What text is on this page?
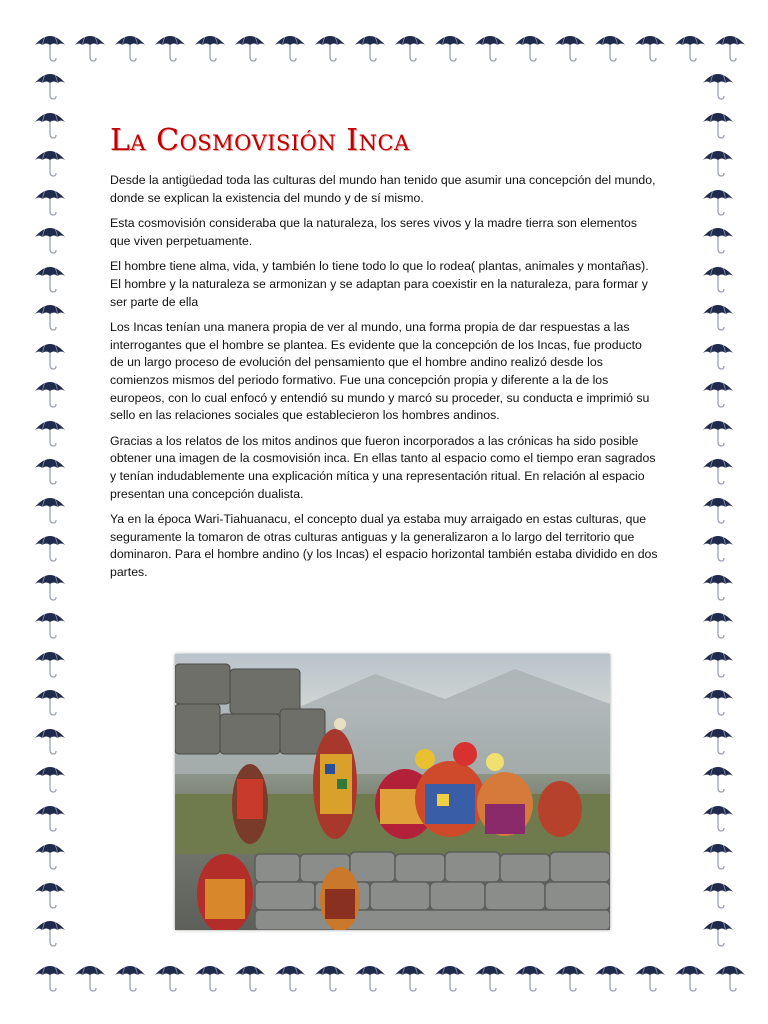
La Cosmovisión Inca

Desde la antigüedad toda las culturas del mundo han tenido que asumir una concepción del mundo, donde se explican la existencia del mundo y de sí mismo.

Esta cosmovisión consideraba que la naturaleza, los seres vivos y la madre tierra son elementos que viven perpetuamente.

El hombre tiene alma, vida, y también lo tiene todo lo que lo rodea( plantas, animales y montañas). El hombre y la naturaleza se armonizan y se adaptan para coexistir en la naturaleza, para formar y ser parte de ella

Los Incas tenían una manera propia de ver al mundo, una forma propia de dar respuestas a las interrogantes que el hombre se plantea. Es evidente que la concepción de los Incas, fue producto de un largo proceso de evolución del pensamiento que el hombre andino realizó desde los comienzos mismos del periodo formativo. Fue una concepción propia y diferente a la de los europeos, con lo cual enfocó y entendió su mundo y marcó su proceder, su conducta e imprimió su sello en las relaciones sociales que establecieron los hombres andinos.

Gracias a los relatos de los mitos andinos que fueron incorporados a las crónicas ha sido posible obtener una imagen de la cosmovisión inca. En ellas tanto al espacio como el tiempo eran sagrados y tenían indudablemente una explicación mítica y una representación ritual. En relación al espacio presentan una concepción dualista.

Ya en la época Wari-Tiahuanacu, el concepto dual ya estaba muy arraigado en estas culturas, que seguramente la tomaron de otras culturas antiguas y la generalizaron a lo largo del territorio que dominaron. Para el hombre andino (y los Incas) el espacio horizontal también estaba dividido en dos partes.
